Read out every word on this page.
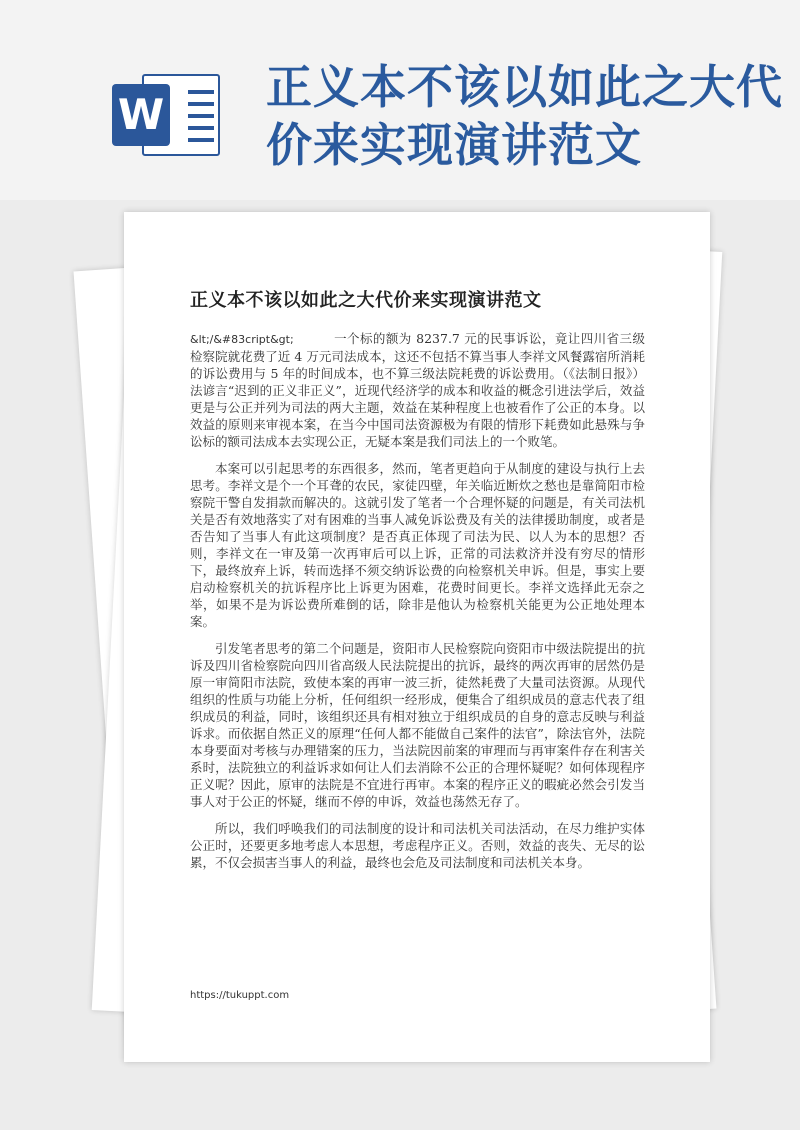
W
正义本不该以如此之大代价来实现演讲范文
正义本不该以如此之大代价来实现演讲范文

&lt;/&#83cript&gt;	一个标的额为 8237.7 元的民事诉讼，竟让四川省三级检察院就花费了近 4 万元司法成本，这还不包括不算当事人李祥文风餐露宿所消耗的诉讼费用与 5 年的时间成本，也不算三级法院耗费的诉讼费用。（《法制日报》）法谚言“迟到的正义非正义”，近现代经济学的成本和收益的概念引进法学后，效益更是与公正并列为司法的两大主题，效益在某种程度上也被看作了公正的本身。以效益的原则来审视本案，在当今中国司法资源极为有限的情形下耗费如此悬殊与争讼标的额司法成本去实现公正，无疑本案是我们司法上的一个败笔。

本案可以引起思考的东西很多，然而，笔者更趋向于从制度的建设与执行上去思考。李祥文是个一个耳聋的农民，家徒四壁，年关临近断炊之愁也是靠简阳市检察院干警自发捐款而解决的。这就引发了笔者一个合理怀疑的问题是，有关司法机关是否有效地落实了对有困难的当事人减免诉讼费及有关的法律援助制度，或者是否告知了当事人有此这项制度？是否真正体现了司法为民、以人为本的思想？否则，李祥文在一审及第一次再审后可以上诉，正常的司法救济并没有穷尽的情形下，最终放弃上诉，转而选择不须交纳诉讼费的向检察机关申诉。但是，事实上要启动检察机关的抗诉程序比上诉更为困难，花费时间更长。李祥文选择此无奈之举，如果不是为诉讼费所难倒的话，除非是他认为检察机关能更为公正地处理本案。

引发笔者思考的第二个问题是，资阳市人民检察院向资阳市中级法院提出的抗诉及四川省检察院向四川省高级人民法院提出的抗诉，最终的两次再审的居然仍是原一审简阳市法院，致使本案的再审一波三折，徒然耗费了大量司法资源。从现代组织的性质与功能上分析，任何组织一经形成，便集合了组织成员的意志代表了组织成员的利益，同时，该组织还具有相对独立于组织成员的自身的意志反映与利益诉求。而依据自然正义的原理“任何人都不能做自己案件的法官”，除法官外，法院本身要面对考核与办理错案的压力，当法院因前案的审理而与再审案件存在利害关系时，法院独立的利益诉求如何让人们去消除不公正的合理怀疑呢？如何体现程序正义呢？因此，原审的法院是不宜进行再审。本案的程序正义的暇疵必然会引发当事人对于公正的怀疑，继而不停的申诉，效益也荡然无存了。

所以，我们呼唤我们的司法制度的设计和司法机关司法活动，在尽力维护实体公正时，还要更多地考虑人本思想，考虑程序正义。否则，效益的丧失、无尽的讼累，不仅会损害当事人的利益，最终也会危及司法制度和司法机关本身。

https://tukuppt.com
